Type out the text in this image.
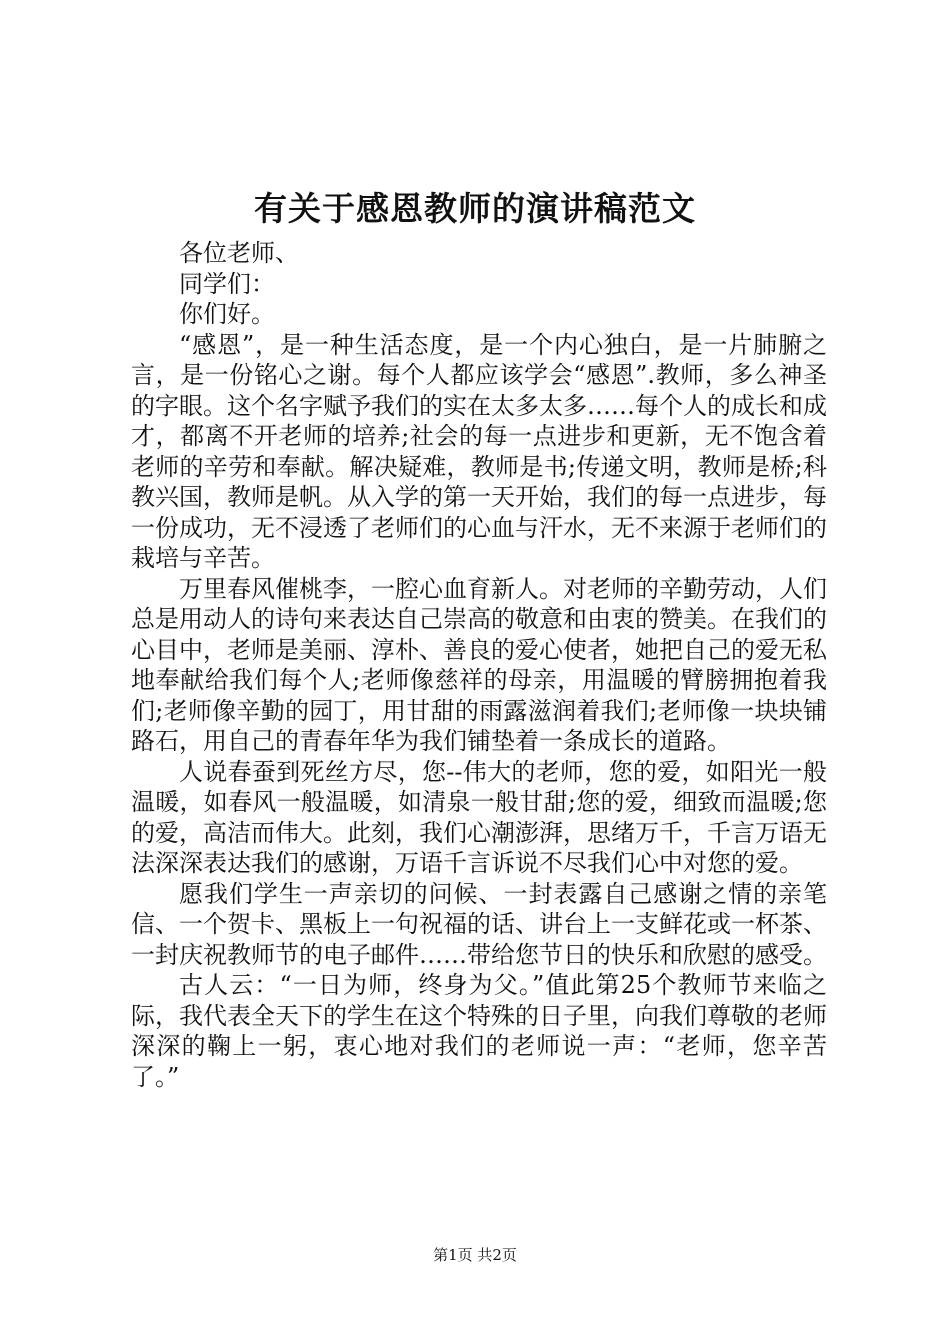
有关于感恩教师的演讲稿范文

各位老师、

同学们：

你们好。

“感恩”，是一种生活态度，是一个内心独白，是一片肺腑之言，是一份铭心之谢。每个人都应该学会“感恩”.教师，多么神圣的字眼。这个名字赋予我们的实在太多太多……每个人的成长和成才，都离不开老师的培养;社会的每一点进步和更新，无不饱含着老师的辛劳和奉献。解决疑难，教师是书;传递文明，教师是桥;科教兴国，教师是帆。从入学的第一天开始，我们的每一点进步，每一份成功，无不浸透了老师们的心血与汗水，无不来源于老师们的栽培与辛苦。

万里春风催桃李，一腔心血育新人。对老师的辛勤劳动，人们总是用动人的诗句来表达自己崇高的敬意和由衷的赞美。在我们的心目中，老师是美丽、淳朴、善良的爱心使者，她把自己的爱无私地奉献给我们每个人;老师像慈祥的母亲，用温暖的臂膀拥抱着我们;老师像辛勤的园丁，用甘甜的雨露滋润着我们;老师像一块块铺路石，用自己的青春年华为我们铺垫着一条成长的道路。

人说春蚕到死丝方尽，您--伟大的老师，您的爱，如阳光一般温暖，如春风一般温暖，如清泉一般甘甜;您的爱，细致而温暖;您的爱，高洁而伟大。此刻，我们心潮澎湃，思绪万千，千言万语无法深深表达我们的感谢，万语千言诉说不尽我们心中对您的爱。

愿我们学生一声亲切的问候、一封表露自己感谢之情的亲笔信、一个贺卡、黑板上一句祝福的话、讲台上一支鲜花或一杯茶、一封庆祝教师节的电子邮件……带给您节日的快乐和欣慰的感受。

古人云：“一日为师，终身为父。”值此第25个教师节来临之际，我代表全天下的学生在这个特殊的日子里，向我们尊敬的老师深深的鞠上一躬，衷心地对我们的老师说一声：“老师，您辛苦了。”

第1页 共2页
